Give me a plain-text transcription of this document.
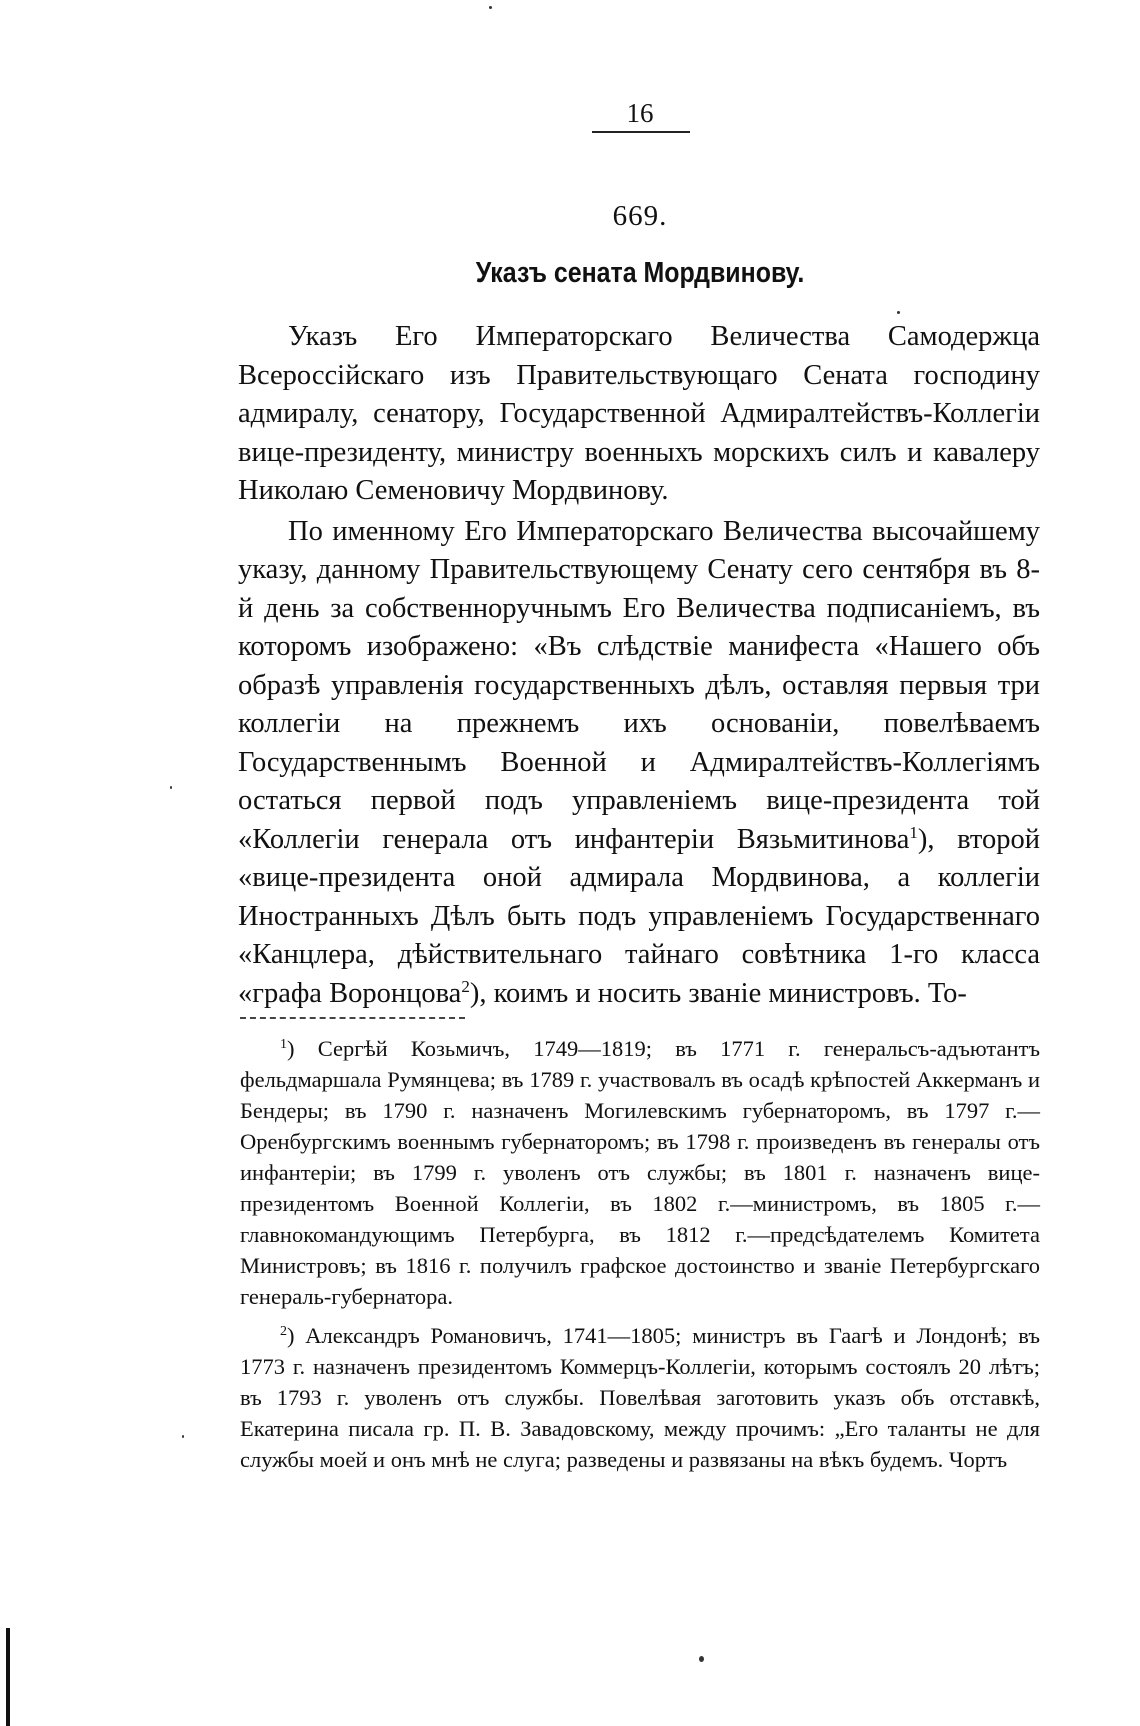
16
669.
Указъ сената Мордвинову.

Указъ Его Императорскаго Величества Самодержца Всероссійскаго изъ Правительствующаго Сената господину адмиралу, сенатору, Государственной Адмиралтействъ-Коллегіи вице-президенту, министру военныхъ морскихъ силъ и кавалеру Николаю Семеновичу Мордвинову.

По именному Его Императорскаго Величества высочайшему указу, данному Правительствующему Сенату сего сентября въ 8-й день за собственноручнымъ Его Величества подписаніемъ, въ которомъ изображено: «Въ слѣдствіе манифеста «Нашего объ образѣ управленія государственныхъ дѣлъ, оставляя первыя три коллегіи на прежнемъ ихъ основаніи, повелѣваемъ Государственнымъ Военной и Адмиралтействъ-Коллегіямъ остаться первой подъ управленіемъ вице-президента той «Коллегіи генерала отъ инфантеріи Вязьмитинова$^1$), второй «вице-президента оной адмирала Мордвинова, а коллегіи Иностранныхъ Дѣлъ быть подъ управленіемъ Государственнаго «Канцлера, дѣйствительнаго тайнаго совѣтника 1-го класса «графа Воронцова$^2$), коимъ и носить званіе министровъ. То-

$^1$) Сергѣй Козьмичъ, 1749—1819; въ 1771 г. генеральсъ-адъютантъ фельдмаршала Румянцева; въ 1789 г. участвовалъ въ осадѣ крѣпостей Аккерманъ и Бендеры; въ 1790 г. назначенъ Могилевскимъ губернаторомъ, въ 1797 г.—Оренбургскимъ военнымъ губернаторомъ; въ 1798 г. произведенъ въ генералы отъ инфантеріи; въ 1799 г. уволенъ отъ службы; въ 1801 г. назначенъ вице-президентомъ Военной Коллегіи, въ 1802 г.—министромъ, въ 1805 г.—главнокомандующимъ Петербурга, въ 1812 г.—предсѣдателемъ Комитета Министровъ; въ 1816 г. получилъ графское достоинство и званіе Петербургскаго генераль-губернатора.

$^2$) Александръ Романовичъ, 1741—1805; министръ въ Гаагѣ и Лондонѣ; въ 1773 г. назначенъ президентомъ Коммерцъ-Коллегіи, которымъ состоялъ 20 лѣтъ; въ 1793 г. уволенъ отъ службы. Повелѣвая заготовить указъ объ отставкѣ, Екатерина писала гр. П. В. Завадовскому, между прочимъ: „Его таланты не для службы моей и онъ мнѣ не слуга; разведены и развязаны на вѣкъ будемъ. Чортъ
